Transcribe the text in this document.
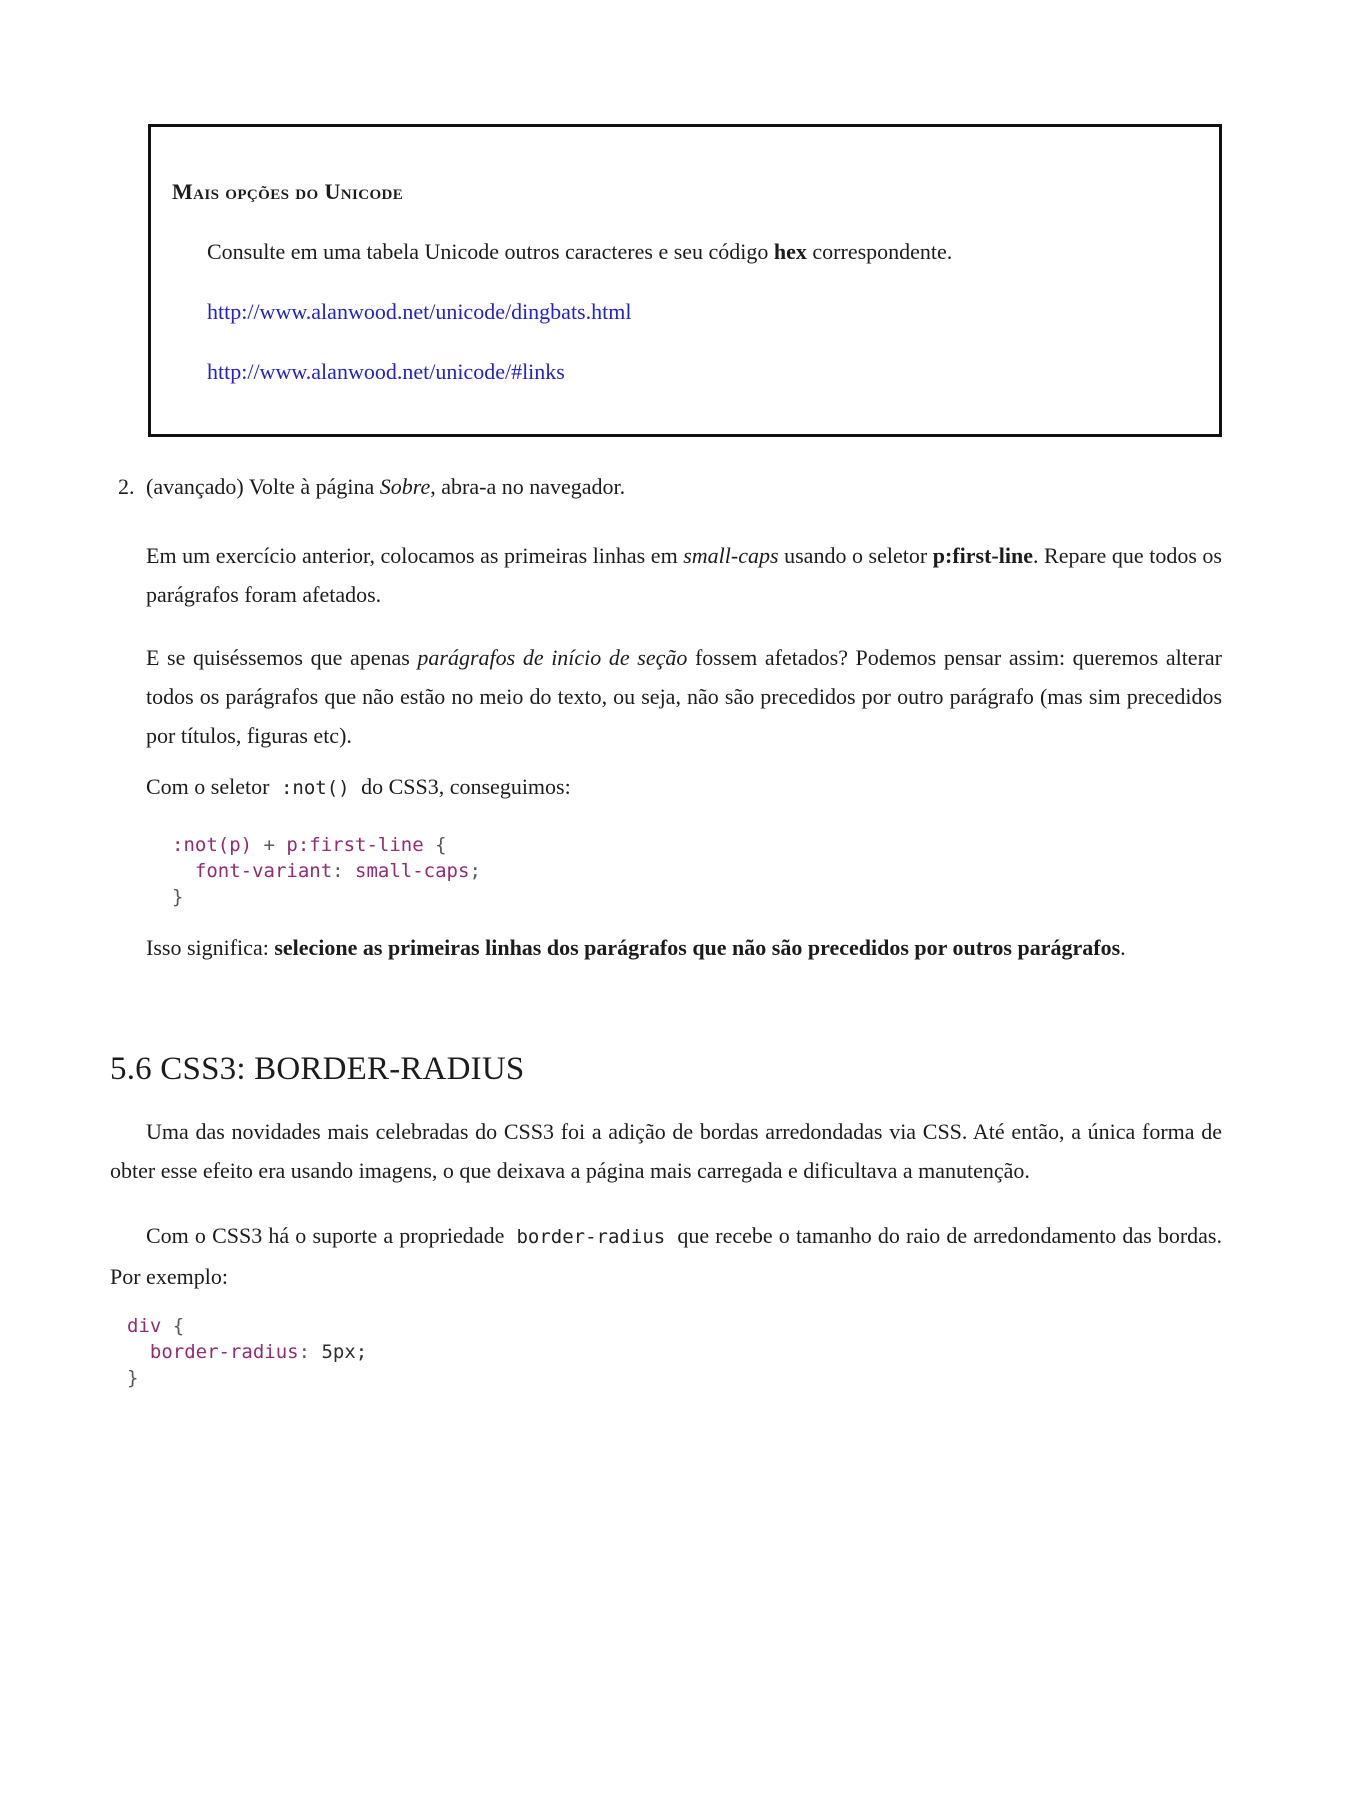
Mais opções do Unicode

Consulte em uma tabela Unicode outros caracteres e seu código hex correspondente.

http://www.alanwood.net/unicode/dingbats.html
http://www.alanwood.net/unicode/#links
2. (avançado) Volte à página Sobre, abra-a no navegador.

Em um exercício anterior, colocamos as primeiras linhas em small-caps usando o seletor p:first-line. Repare que todos os parágrafos foram afetados.

E se quiséssemos que apenas parágrafos de início de seção fossem afetados? Podemos pensar assim: queremos alterar todos os parágrafos que não estão no meio do texto, ou seja, não são precedidos por outro parágrafo (mas sim precedidos por títulos, figuras etc).

Com o seletor :not() do CSS3, conseguimos:

:not(p) + p:first-line {
font-variant: small-caps;
}

Isso significa: selecione as primeiras linhas dos parágrafos que não são precedidos por outros parágrafos.

5.6 CSS3: BORDER-RADIUS

Uma das novidades mais celebradas do CSS3 foi a adição de bordas arredondadas via CSS. Até então, a única forma de obter esse efeito era usando imagens, o que deixava a página mais carregada e dificultava a manutenção.

Com o CSS3 há o suporte a propriedade border-radius que recebe o tamanho do raio de arredondamento das bordas. Por exemplo:

div {
border-radius: 5px;
}
